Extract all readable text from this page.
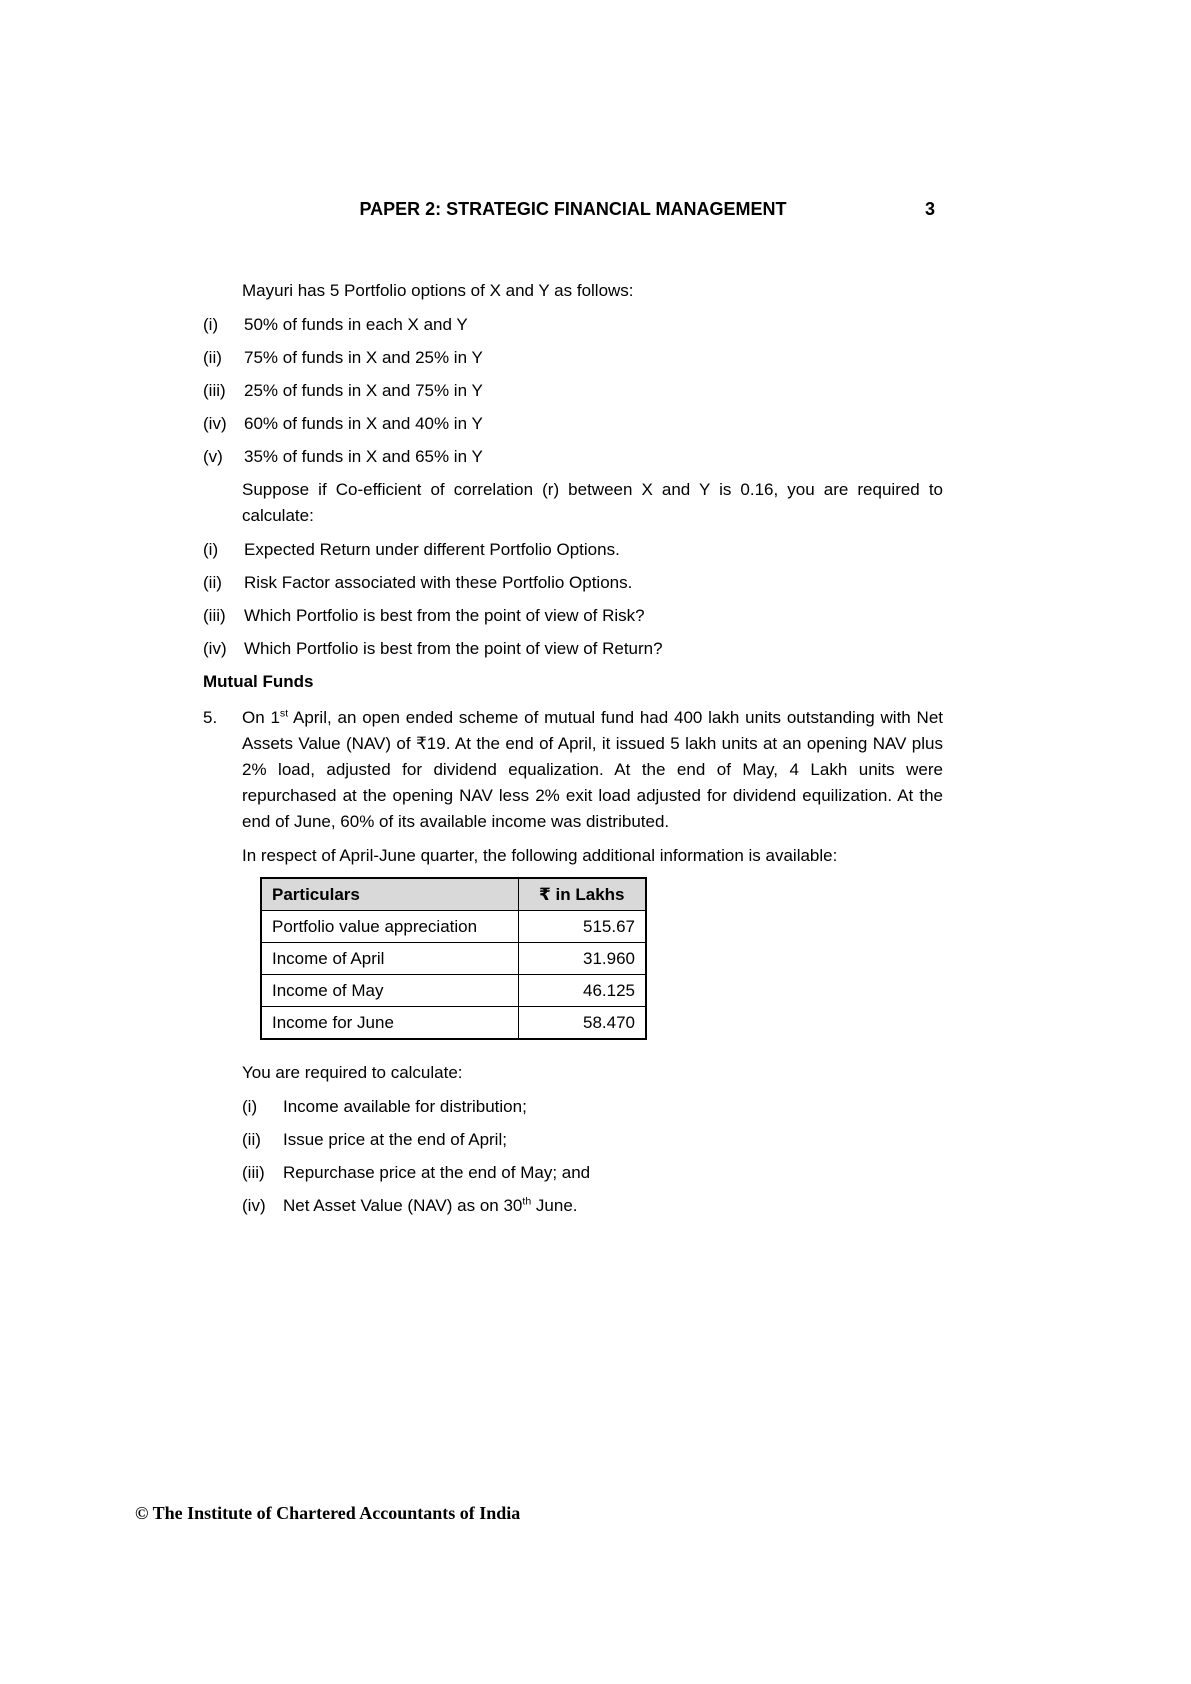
PAPER 2: STRATEGIC FINANCIAL MANAGEMENT	3

Mayuri has 5 Portfolio options of X and Y as follows:

(i)	50% of funds in each X and Y
(ii)	75% of funds in X and 25% in Y
(iii)	25% of funds in X and 75% in Y
(iv)	60% of funds in X and 40% in Y
(v)	35% of funds in X and 65% in Y

Suppose if Co-efficient of correlation (r) between X and Y is 0.16, you are required to calculate:

(i)	Expected Return under different Portfolio Options.
(ii)	Risk Factor associated with these Portfolio Options.
(iii)	Which Portfolio is best from the point of view of Risk?
(iv)	Which Portfolio is best from the point of view of Return?
Mutual Funds
5.	On 1st April, an open ended scheme of mutual fund had 400 lakh units outstanding with Net Assets Value (NAV) of ₹19. At the end of April, it issued 5 lakh units at an opening NAV plus 2% load, adjusted for dividend equalization. At the end of May, 4 Lakh units were repurchased at the opening NAV less 2% exit load adjusted for dividend equilization. At the end of June, 60% of its available income was distributed.

In respect of April-June quarter, the following additional information is available:

Particulars	₹ in Lakhs
Portfolio value appreciation	515.67
Income of April	31.960
Income of May	46.125
Income for June	58.470

You are required to calculate:

(i)	Income available for distribution;
(ii)	Issue price at the end of April;
(iii)	Repurchase price at the end of May; and
(iv)	Net Asset Value (NAV) as on 30th June.
© The Institute of Chartered Accountants of India
